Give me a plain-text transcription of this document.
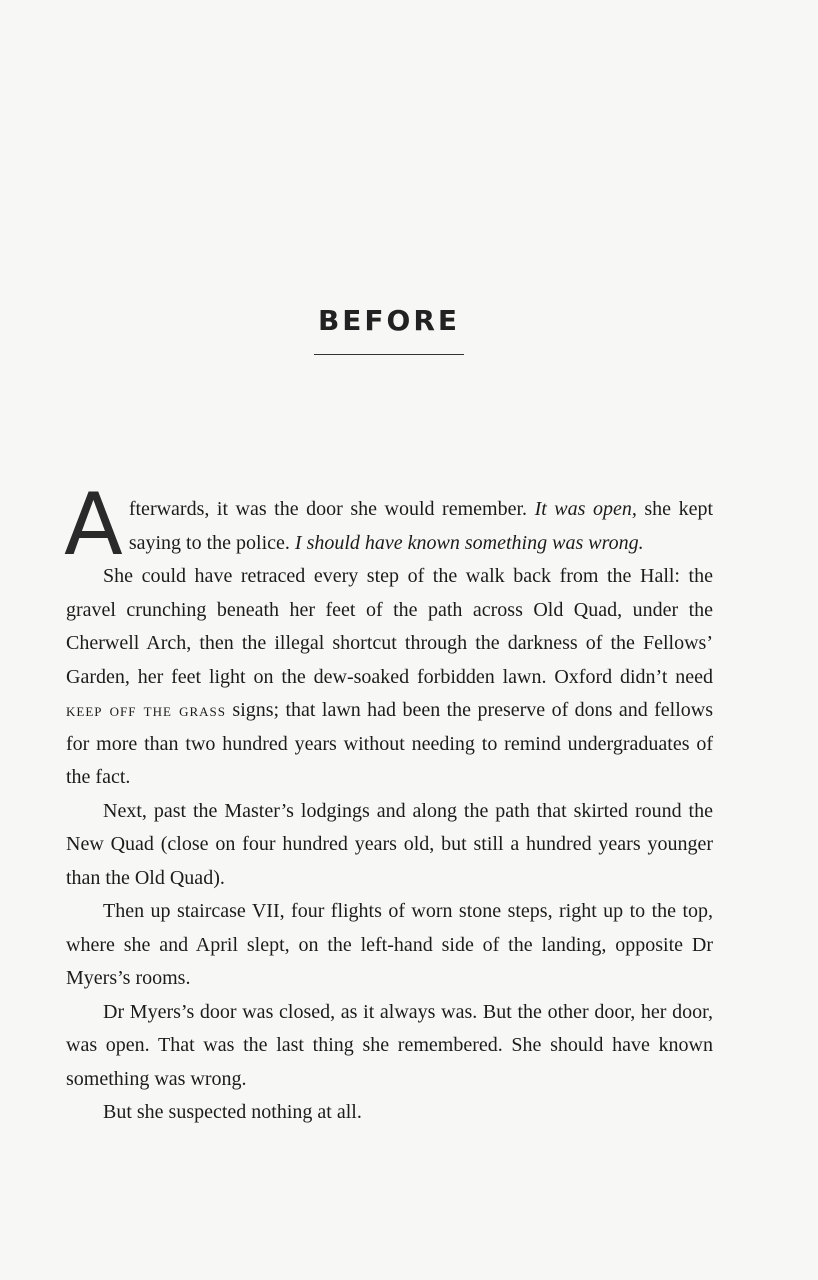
BEFORE

Afterwards, it was the door she would remember. It was open, she kept saying to the police. I should have known something was wrong.

She could have retraced every step of the walk back from the Hall: the gravel crunching beneath her feet of the path across Old Quad, under the Cherwell Arch, then the illegal shortcut through the darkness of the Fellows’ Garden, her feet light on the dew-soaked forbidden lawn. Oxford didn’t need keep off the grass signs; that lawn had been the preserve of dons and fellows for more than two hundred years without needing to remind undergraduates of the fact.

Next, past the Master’s lodgings and along the path that skirted round the New Quad (close on four hundred years old, but still a hundred years younger than the Old Quad).

Then up staircase VII, four flights of worn stone steps, right up to the top, where she and April slept, on the left-hand side of the landing, opposite Dr Myers’s rooms.

Dr Myers’s door was closed, as it always was. But the other door, her door, was open. That was the last thing she remembered. She should have known something was wrong.

But she suspected nothing at all.
